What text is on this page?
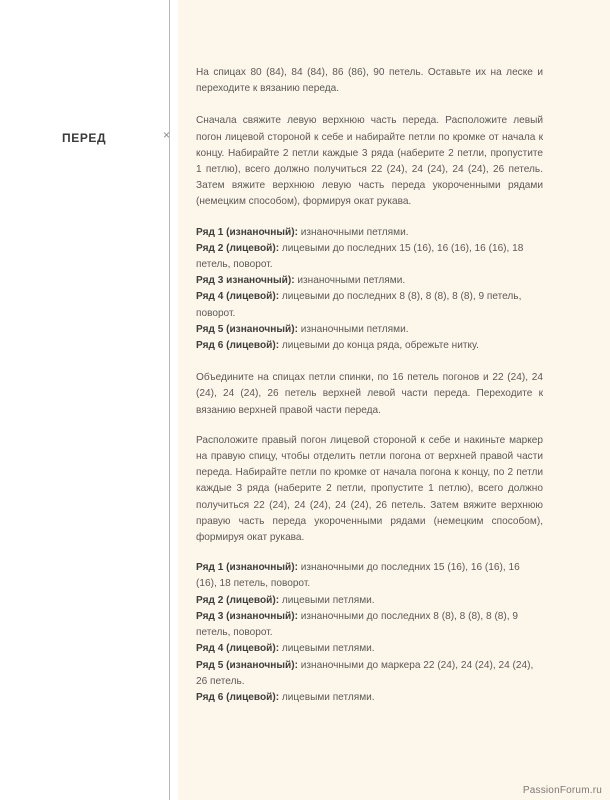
×
ПЕРЕД

На спицах 80 (84), 84 (84), 86 (86), 90 петель. Оставьте их на леске и переходите к вязанию переда.

Сначала свяжите левую верхнюю часть переда. Расположите левый погон лицевой стороной к себе и набирайте петли по кромке от начала к концу. Набирайте 2 петли каждые 3 ряда (наберите 2 петли, пропустите 1 петлю), всего должно получиться 22 (24), 24 (24), 24 (24), 26 петель. Затем вяжите верхнюю левую часть переда укороченными рядами (немецким способом), формируя окат рукава.

Ряд 1 (изнаночный): изнаночными петлями.

Ряд 2 (лицевой): лицевыми до последних 15 (16), 16 (16), 16 (16), 18 петель, поворот.

Ряд 3 изнаночный): изнаночными петлями.

Ряд 4 (лицевой): лицевыми до последних 8 (8), 8 (8), 8 (8), 9 петель, поворот.

Ряд 5 (изнаночный): изнаночными петлями.

Ряд 6 (лицевой): лицевыми до конца ряда, обрежьте нитку.

Объедините на спицах петли спинки, по 16 петель погонов и 22 (24), 24 (24), 24 (24), 26 петель верхней левой части переда. Переходите к вязанию верхней правой части переда.

Расположите правый погон лицевой стороной к себе и накиньте маркер на правую спицу, чтобы отделить петли погона от верхней правой части переда. Набирайте петли по кромке от начала погона к концу, по 2 петли каждые 3 ряда (наберите 2 петли, пропустите 1 петлю), всего должно получиться 22 (24), 24 (24), 24 (24), 26 петель. Затем вяжите верхнюю правую часть переда укороченными рядами (немецким способом), формируя окат рукава.

Ряд 1 (изнаночный): изнаночными до последних 15 (16), 16 (16), 16 (16), 18 петель, поворот.

Ряд 2 (лицевой): лицевыми петлями.

Ряд 3 (изнаночный): изнаночными до последних 8 (8), 8 (8), 8 (8), 9 петель, поворот.

Ряд 4 (лицевой): лицевыми петлями.

Ряд 5 (изнаночный): изнаночными до маркера 22 (24), 24 (24), 24 (24), 26 петель.

Ряд 6 (лицевой): лицевыми петлями.

PassionForum.ru
